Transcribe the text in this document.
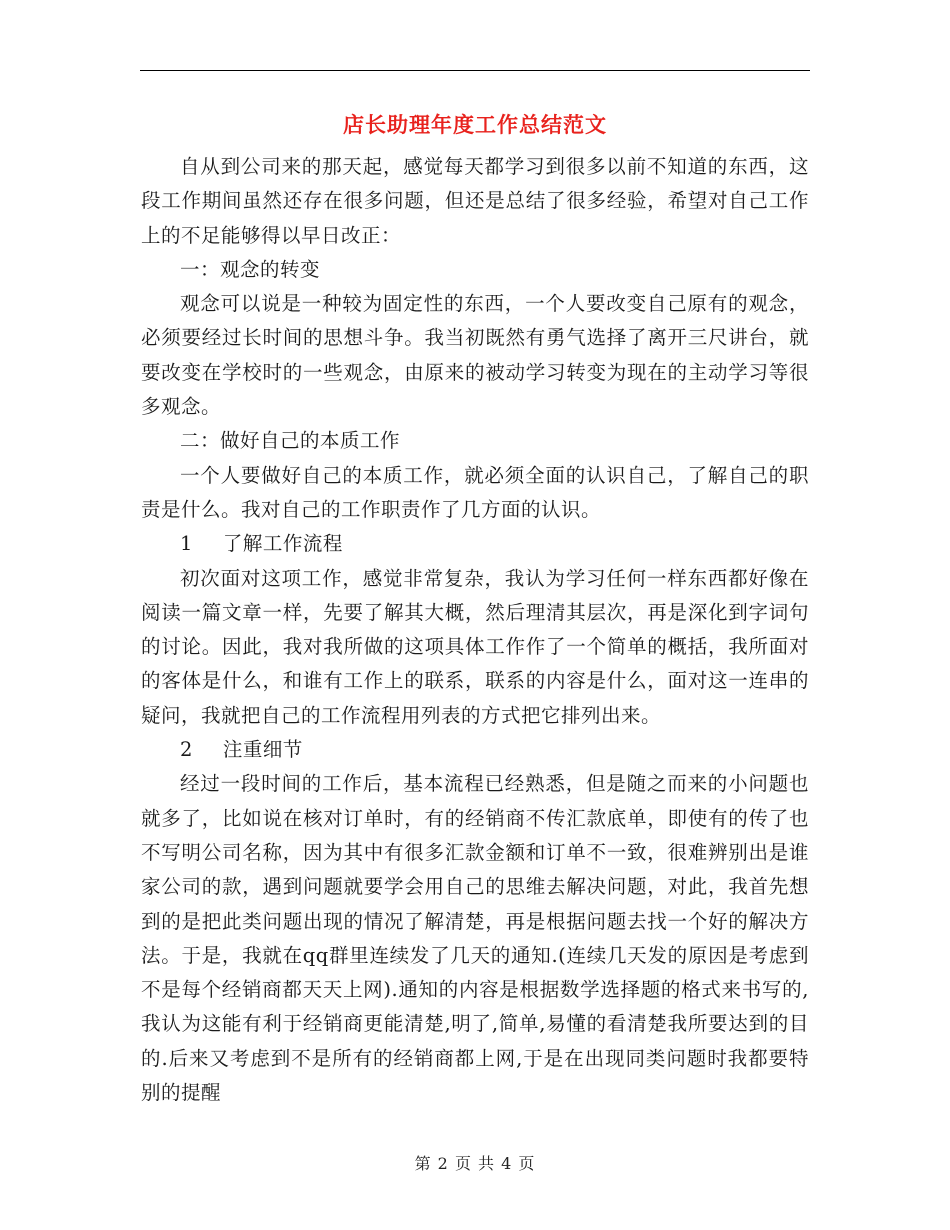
店长助理年度工作总结范文

自从到公司来的那天起，感觉每天都学习到很多以前不知道的东西，这段工作期间虽然还存在很多问题，但还是总结了很多经验，希望对自己工作上的不足能够得以早日改正：

一：观念的转变

观念可以说是一种较为固定性的东西，一个人要改变自己原有的观念，必须要经过长时间的思想斗争。我当初既然有勇气选择了离开三尺讲台，就要改变在学校时的一些观念，由原来的被动学习转变为现在的主动学习等很多观念。

二：做好自己的本质工作

一个人要做好自己的本质工作，就必须全面的认识自己，了解自己的职责是什么。我对自己的工作职责作了几方面的认识。

1 了解工作流程

初次面对这项工作，感觉非常复杂，我认为学习任何一样东西都好像在阅读一篇文章一样，先要了解其大概，然后理清其层次，再是深化到字词句的讨论。因此，我对我所做的这项具体工作作了一个简单的概括，我所面对的客体是什么，和谁有工作上的联系，联系的内容是什么，面对这一连串的疑问，我就把自己的工作流程用列表的方式把它排列出来。

2 注重细节

经过一段时间的工作后，基本流程已经熟悉，但是随之而来的小问题也就多了，比如说在核对订单时，有的经销商不传汇款底单，即使有的传了也不写明公司名称，因为其中有很多汇款金额和订单不一致，很难辨别出是谁家公司的款，遇到问题就要学会用自己的思维去解决问题，对此，我首先想到的是把此类问题出现的情况了解清楚，再是根据问题去找一个好的解决方法。于是，我就在qq群里连续发了几天的通知.(连续几天发的原因是考虑到不是每个经销商都天天上网).通知的内容是根据数学选择题的格式来书写的,我认为这能有利于经销商更能清楚,明了,简单,易懂的看清楚我所要达到的目的.后来又考虑到不是所有的经销商都上网,于是在出现同类问题时我都要特别的提醒

第 2 页 共 4 页
